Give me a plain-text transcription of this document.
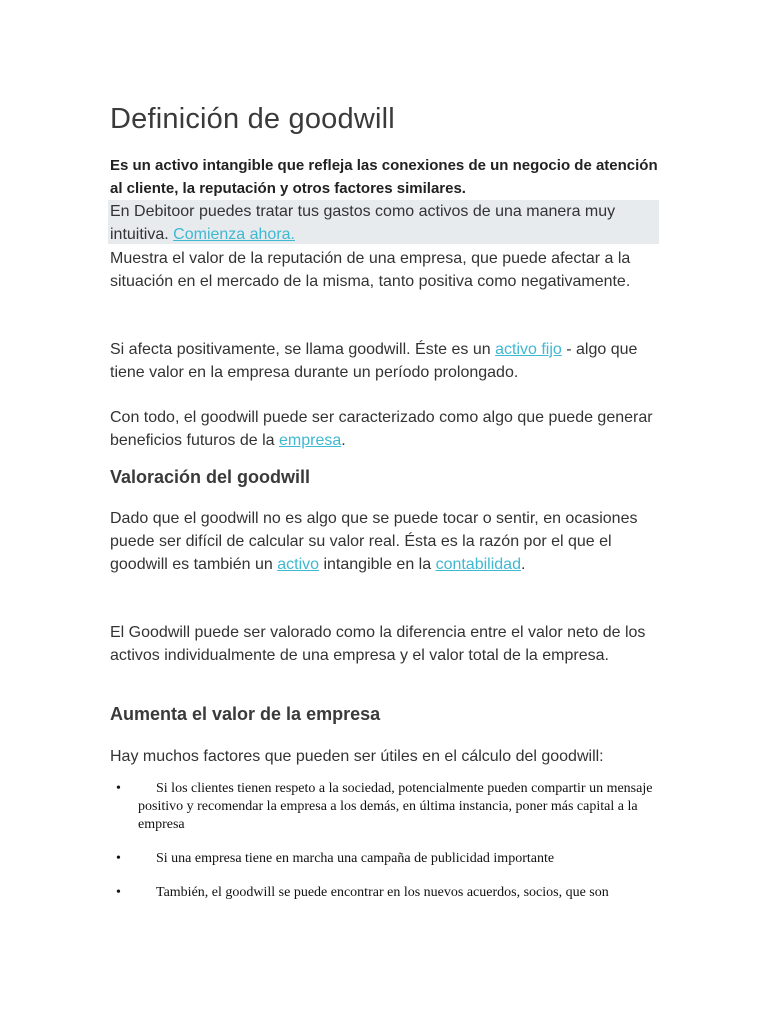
Definición de goodwill

Es un activo intangible que refleja las conexiones de un negocio de atención al cliente, la reputación y otros factores similares.

En Debitoor puedes tratar tus gastos como activos de una manera muy intuitiva. Comienza ahora.

Muestra el valor de la reputación de una empresa, que puede afectar a la situación en el mercado de la misma, tanto positiva como negativamente.

Si afecta positivamente, se llama goodwill. Éste es un activo fijo - algo que tiene valor en la empresa durante un período prolongado.

Con todo, el goodwill puede ser caracterizado como algo que puede generar beneficios futuros de la empresa.

Valoración del goodwill

Dado que el goodwill no es algo que se puede tocar o sentir, en ocasiones puede ser difícil de calcular su valor real. Ésta es la razón por el que el goodwill es también un activo intangible en la contabilidad.

El Goodwill puede ser valorado como la diferencia entre el valor neto de los activos individualmente de una empresa y el valor total de la empresa.

Aumenta el valor de la empresa

Hay muchos factores que pueden ser útiles en el cálculo del goodwill:

•	Si los clientes tienen respeto a la sociedad, potencialmente pueden compartir un mensaje positivo y recomendar la empresa a los demás, en última instancia, poner más capital a la empresa
•	Si una empresa tiene en marcha una campaña de publicidad importante
•	También, el goodwill se puede encontrar en los nuevos acuerdos, socios, que son
